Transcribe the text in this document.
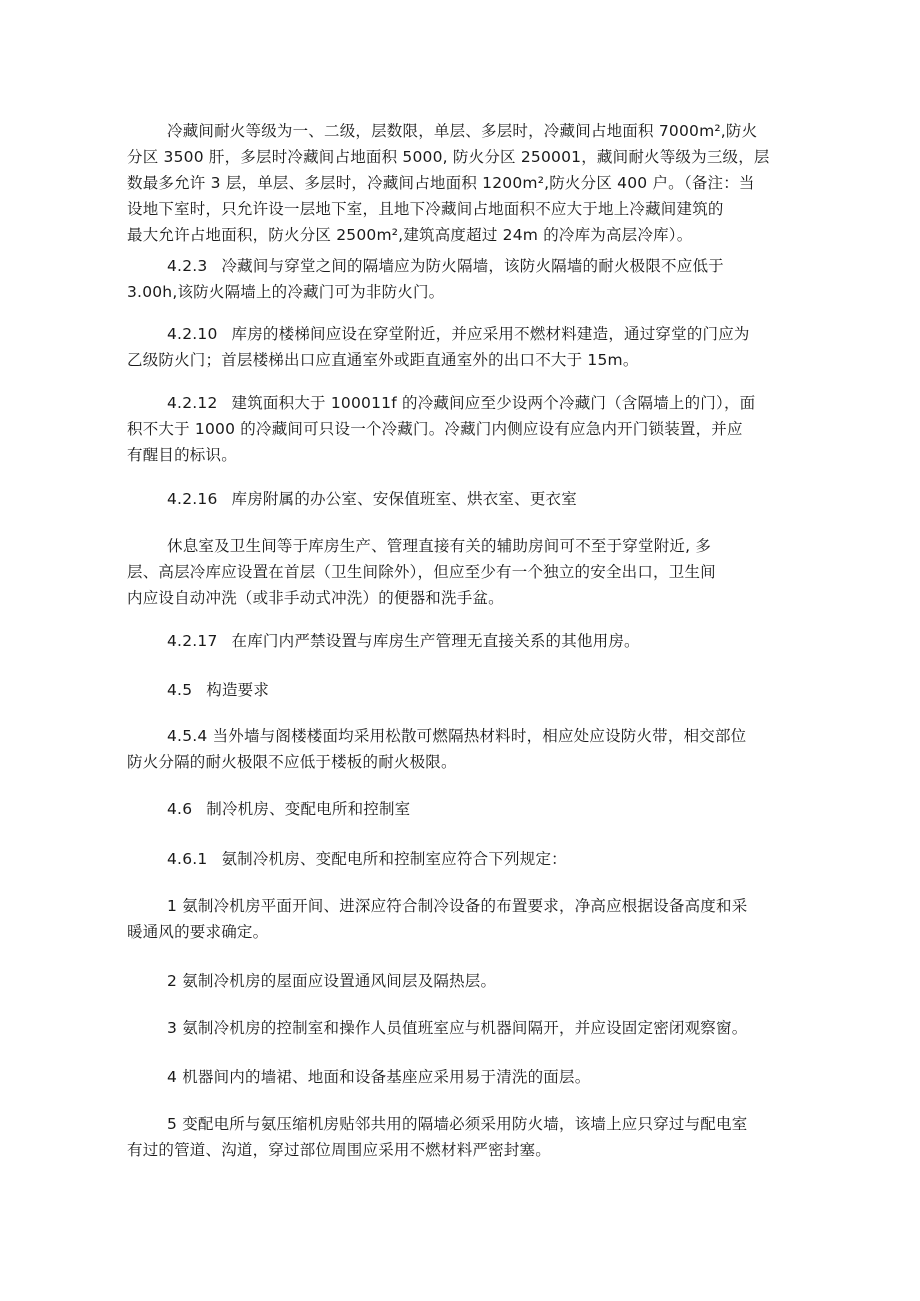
冷藏间耐火等级为一、二级，层数限，单层、多层时，冷藏间占地面积 7000m²,防火
分区 3500 肝，多层时冷藏间占地面积 5000, 防火分区 250001，藏间耐火等级为三级，层
数最多允许 3 层，单层、多层时，冷藏间占地面积 1200m²,防火分区 400 户。（备注：当
设地下室时，只允许设一层地下室，且地下冷藏间占地面积不应大于地上冷藏间建筑的
最大允许占地面积，防火分区 2500m²,建筑高度超过 24m 的冷库为高层冷库）。
4.2.3 冷藏间与穿堂之间的隔墙应为防火隔墙，该防火隔墙的耐火极限不应低于
3.00h,该防火隔墙上的冷藏门可为非防火门。
4.2.10 库房的楼梯间应设在穿堂附近，并应采用不燃材料建造，通过穿堂的门应为
乙级防火门；首层楼梯出口应直通室外或距直通室外的出口不大于 15m。
4.2.12 建筑面积大于 100011f 的冷藏间应至少设两个冷藏门（含隔墙上的门），面
积不大于 1000 的冷藏间可只设一个冷藏门。冷藏门内侧应设有应急内开门锁装置，并应
有醒目的标识。
4.2.16 库房附属的办公室、安保值班室、烘衣室、更衣室
休息室及卫生间等于库房生产、管理直接有关的辅助房间可不至于穿堂附近, 多
层、高层冷库应设置在首层（卫生间除外），但应至少有一个独立的安全出口，卫生间
内应设自动冲洗（或非手动式冲洗）的便器和洗手盆。
4.2.17 在库门内严禁设置与库房生产管理无直接关系的其他用房。
4.5 构造要求
4.5.4 当外墙与阁楼楼面均采用松散可燃隔热材料时，相应处应设防火带，相交部位
防火分隔的耐火极限不应低于楼板的耐火极限。
4.6 制冷机房、变配电所和控制室
4.6.1 氨制冷机房、变配电所和控制室应符合下列规定：
1 氨制冷机房平面开间、进深应符合制冷设备的布置要求，净高应根据设备高度和采
暖通风的要求确定。
2 氨制冷机房的屋面应设置通风间层及隔热层。
3 氨制冷机房的控制室和操作人员值班室应与机器间隔开，并应设固定密闭观察窗。
4 机器间内的墙裙、地面和设备基座应采用易于清洗的面层。
5 变配电所与氨压缩机房贴邻共用的隔墙必须采用防火墙，该墙上应只穿过与配电室
有过的管道、沟道，穿过部位周围应采用不燃材料严密封塞。
